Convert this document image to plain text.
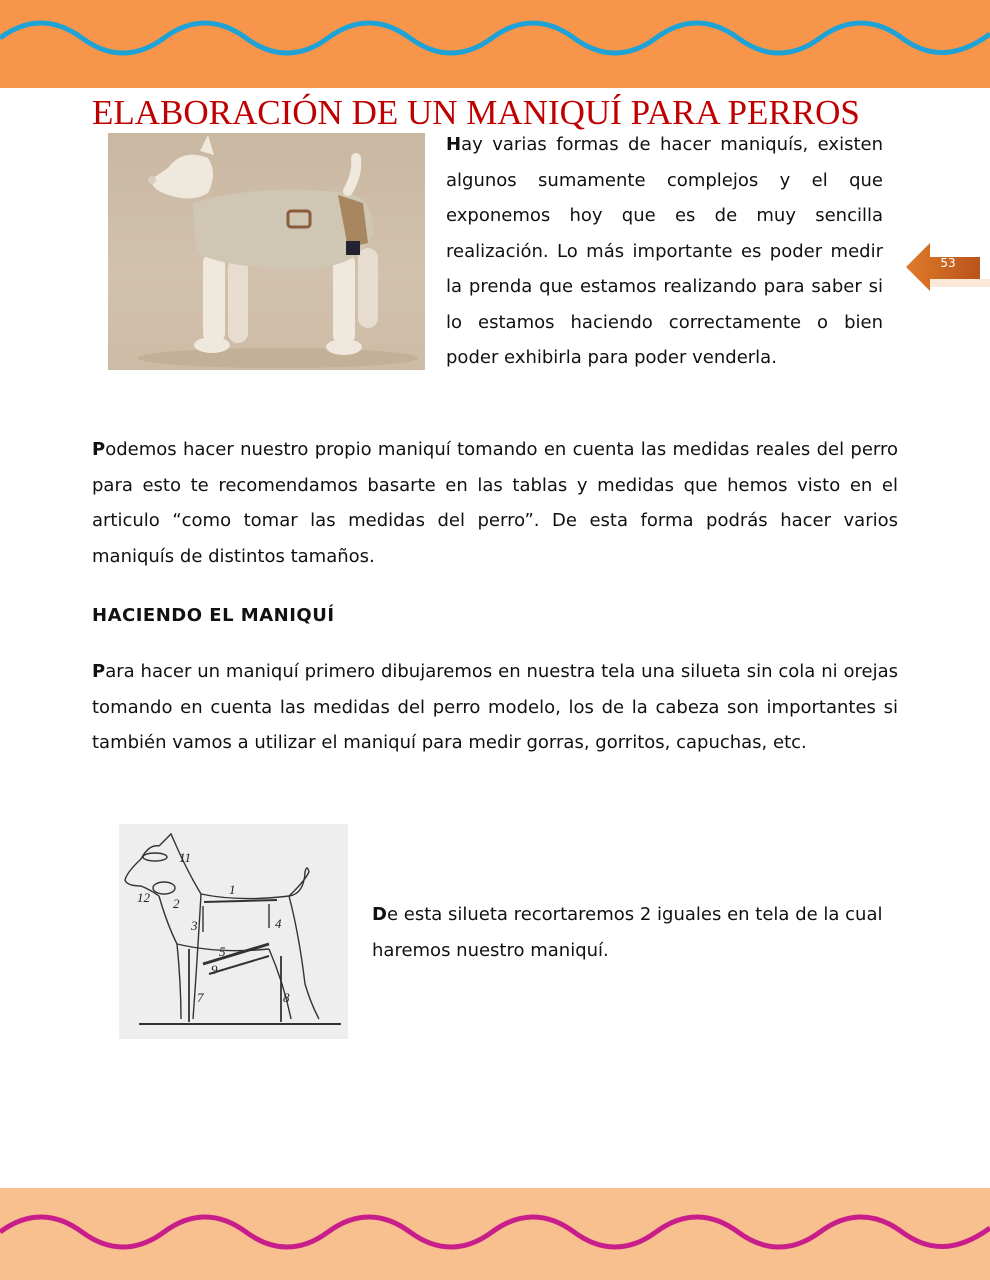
ELABORACIÓN DE UN MANIQUÍ PARA PERROS

Hay varias formas de hacer maniquís, existen algunos sumamente complejos y el que exponemos hoy que es de muy sencilla realización. Lo más importante es poder medir la prenda que estamos realizando para saber si lo estamos haciendo correctamente o bien poder exhibirla para poder venderla.

53

Podemos hacer nuestro propio maniquí tomando en cuenta las medidas reales del perro para esto te recomendamos basarte en las tablas y medidas que hemos visto en el articulo “como tomar las medidas del perro”. De esta forma podrás hacer varios maniquís de distintos tamaños.

HACIENDO EL MANIQUÍ

Para hacer un maniquí primero dibujaremos en nuestra tela una silueta sin cola ni orejas tomando en cuenta las medidas del perro modelo, los de la cabeza son importantes si también vamos a utilizar el maniquí para medir gorras, gorritos, capuchas, etc.

1
2
3	4
5
7	8
9
11
12

De esta silueta recortaremos 2 iguales en tela de la cual haremos nuestro maniquí.
